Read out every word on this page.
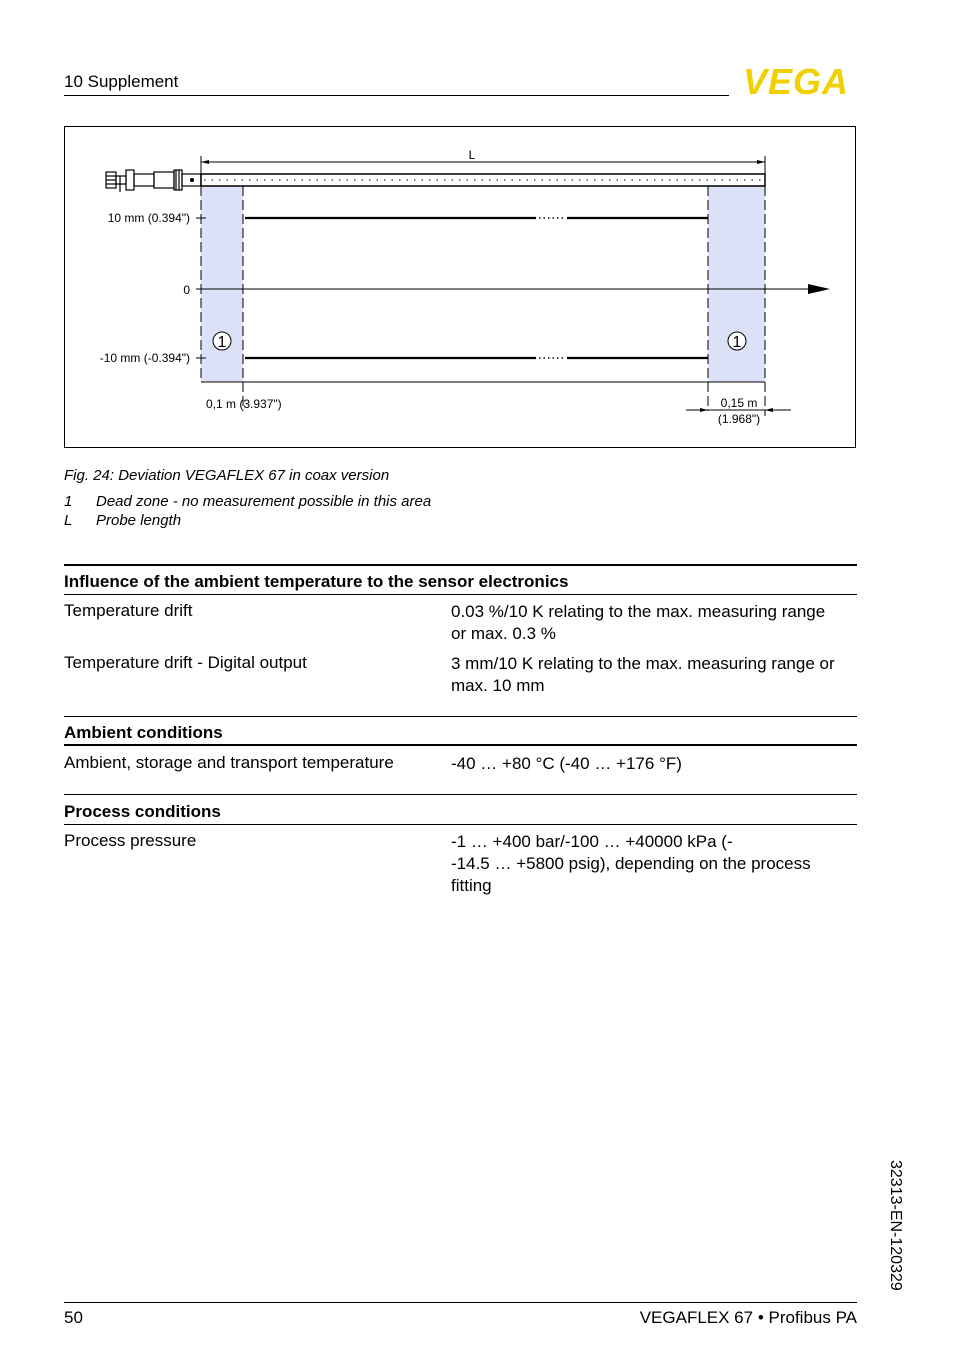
10 Supplement	VEGA
L
10 mm (0.394")
0
-10 mm (-0.394")
1	1
0,1 m (3.937")	0,15 m
(1.968")
Fig. 24: Deviation VEGAFLEX 67 in coax version
1 Dead zone - no measurement possible in this area
L Probe length
Influence of the ambient temperature to the sensor electronics
Temperature drift	0.03 %/10 K relating to the max. measuring range
or max. 0.3 %
Temperature drift - Digital output	3 mm/10 K relating to the max. measuring range or
max. 10 mm
Ambient conditions
Ambient, storage and transport temperature	-40 … +80 °C (-40 … +176 °F)
Process conditions
Process pressure	-1 … +400 bar/-100 … +40000 kPa (-
-14.5 … +5800 psig), depending on the process
fitting
32313-EN-120329
50	VEGAFLEX 67 • Profibus PA
